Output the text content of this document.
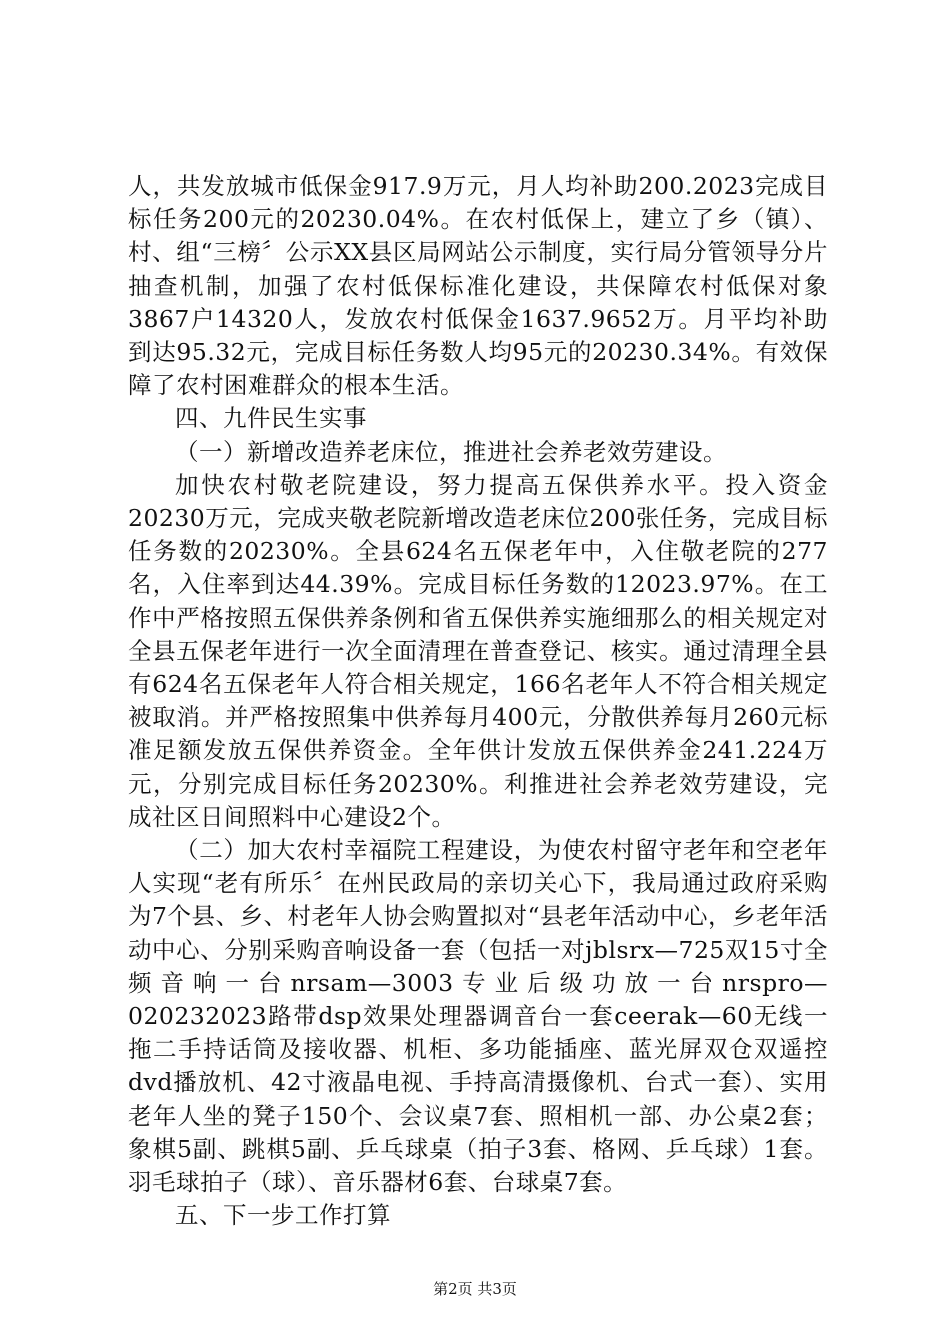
人，共发放城市低保金917.9万元，月人均补助200.2023完成目标任务200元的20230.04%。在农村低保上，建立了乡（镇）、村、组“三榜〞公示XX县区局网站公示制度，实行局分管领导分片抽查机制，加强了农村低保标准化建设，共保障农村低保对象3867户14320人，发放农村低保金1637.9652万。月平均补助到达95.32元，完成目标任务数人均95元的20230.34%。有效保障了农村困难群众的根本生活。

四、九件民生实事

（一）新增改造养老床位，推进社会养老效劳建设。

加快农村敬老院建设，努力提高五保供养水平。投入资金20230万元，完成夹敬老院新增改造老床位200张任务，完成目标任务数的20230%。全县624名五保老年中，入住敬老院的277名，入住率到达44.39%。完成目标任务数的12023.97%。在工作中严格按照五保供养条例和省五保供养实施细那么的相关规定对全县五保老年进行一次全面清理在普查登记、核实。通过清理全县有624名五保老年人符合相关规定，166名老年人不符合相关规定被取消。并严格按照集中供养每月400元，分散供养每月260元标准足额发放五保供养资金。全年供计发放五保供养金241.224万元，分别完成目标任务20230%。利推进社会养老效劳建设，完成社区日间照料中心建设2个。

（二）加大农村幸福院工程建设，为使农村留守老年和空老年人实现“老有所乐〞在州民政局的亲切关心下，我局通过政府采购为7个县、乡、村老年人协会购置拟对“县老年活动中心，乡老年活动中心、分别采购音响设备一套（包括一对jblsrx—725双15寸全频音响一台nrsam—3003专业后级功放一台nrspro—020232023路带dsp效果处理器调音台一套ceerak—60无线一拖二手持话筒及接收器、机柜、多功能插座、蓝光屏双仓双遥控dvd播放机、42寸液晶电视、手持高清摄像机、台式一套）、实用老年人坐的凳子150个、会议桌7套、照相机一部、办公桌2套；象棋5副、跳棋5副、乒乓球桌（拍子3套、格网、乒乓球）1套。羽毛球拍子（球）、音乐器材6套、台球桌7套。

五、下一步工作打算

第2页 共3页
